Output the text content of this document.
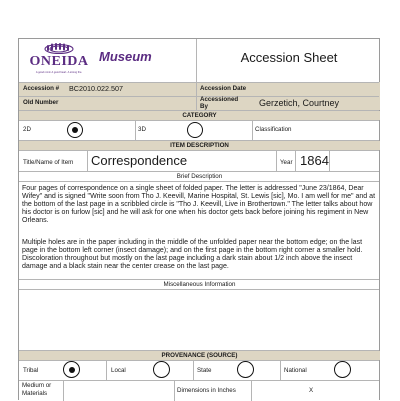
ONEIDA
A good mind. A good heart. A strong fire.
Museum	Accession Sheet
Accession # BC2010.022.507	Accession Date
Old Number	Accessioned By	Gerzetich, Courtney
CATEGORY
2D	3D	Classification
ITEM DESCRIPTION
Title/Name of Item Correspondence	Year 1864
Brief Description
Four pages of correspondence on a single sheet of folded paper. The letter is addressed "June 23/1864, Dear Wifey" and is signed "Write soon from Tho J. Keevill, Marine Hospital, St. Lewis [sic], Mo. I am well for me" and at the bottom of the last page in a scribbled circle is "Tho J. Keevill, Live in Brothertown." The letter talks about how his doctor is on furlow [sic] and he will ask for one when his doctor gets back before joining his regiment in New Orleans.
Multiple holes are in the paper including in the middle of the unfolded paper near the bottom edge; on the last page in the bottom left corner (insect damage); and on the first page in the bottom right corner a smaller hold. Discoloration throughout but mostly on the last page including a dark stain about 1/2 inch above the insect damage and a black stain near the center crease on the last page.
Miscellaneous Information
PROVENANCE (SOURCE)
Tribal	Local	State	National
Medium or Materials	Dimensions in Inches	X
